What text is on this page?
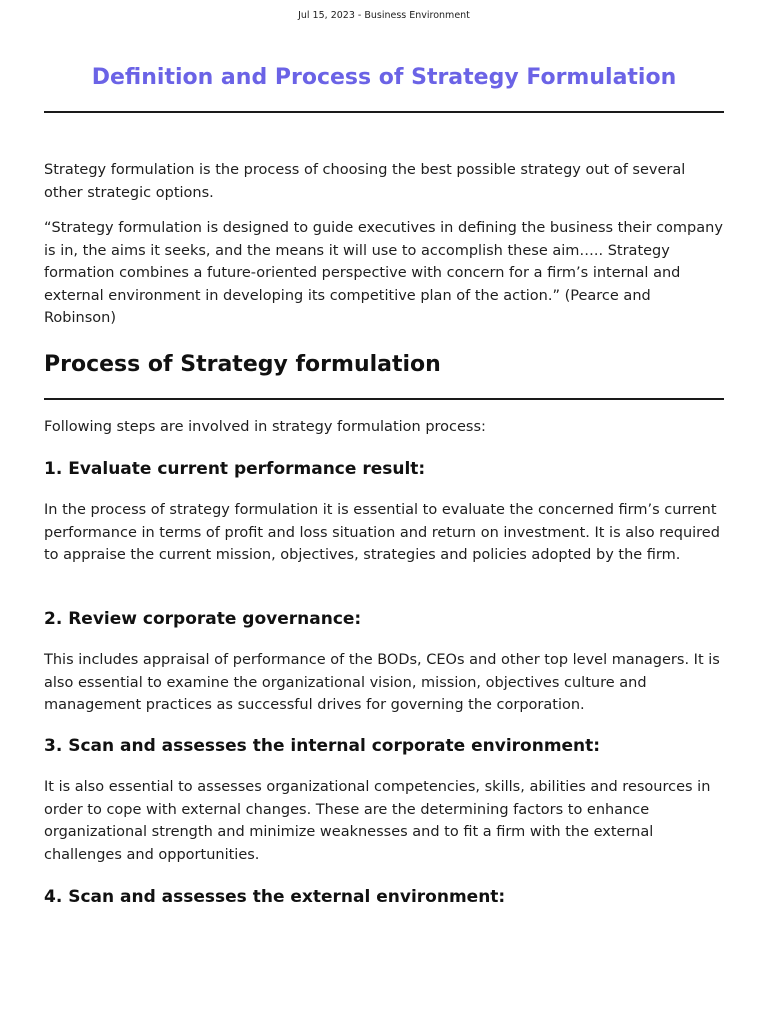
Jul 15, 2023 - Business Environment
Definition and Process of Strategy Formulation

Strategy formulation is the process of choosing the best possible strategy out of several other strategic options.

“Strategy formulation is designed to guide executives in defining the business their company is in, the aims it seeks, and the means it will use to accomplish these aim….. Strategy formation combines a future-oriented perspective with concern for a firm’s internal and external environment in developing its competitive plan of the action.” (Pearce and Robinson)

Process of Strategy formulation

Following steps are involved in strategy formulation process:

1. Evaluate current performance result:

In the process of strategy formulation it is essential to evaluate the concerned firm’s current performance in terms of profit and loss situation and return on investment. It is also required to appraise the current mission, objectives, strategies and policies adopted by the firm.

2. Review corporate governance:

This includes appraisal of performance of the BODs, CEOs and other top level managers. It is also essential to examine the organizational vision, mission, objectives culture and management practices as successful drives for governing the corporation.

3. Scan and assesses the internal corporate environment:

It is also essential to assesses organizational competencies, skills, abilities and resources in order to cope with external changes. These are the determining factors to enhance organizational strength and minimize weaknesses and to fit a firm with the external challenges and opportunities.

4. Scan and assesses the external environment:
